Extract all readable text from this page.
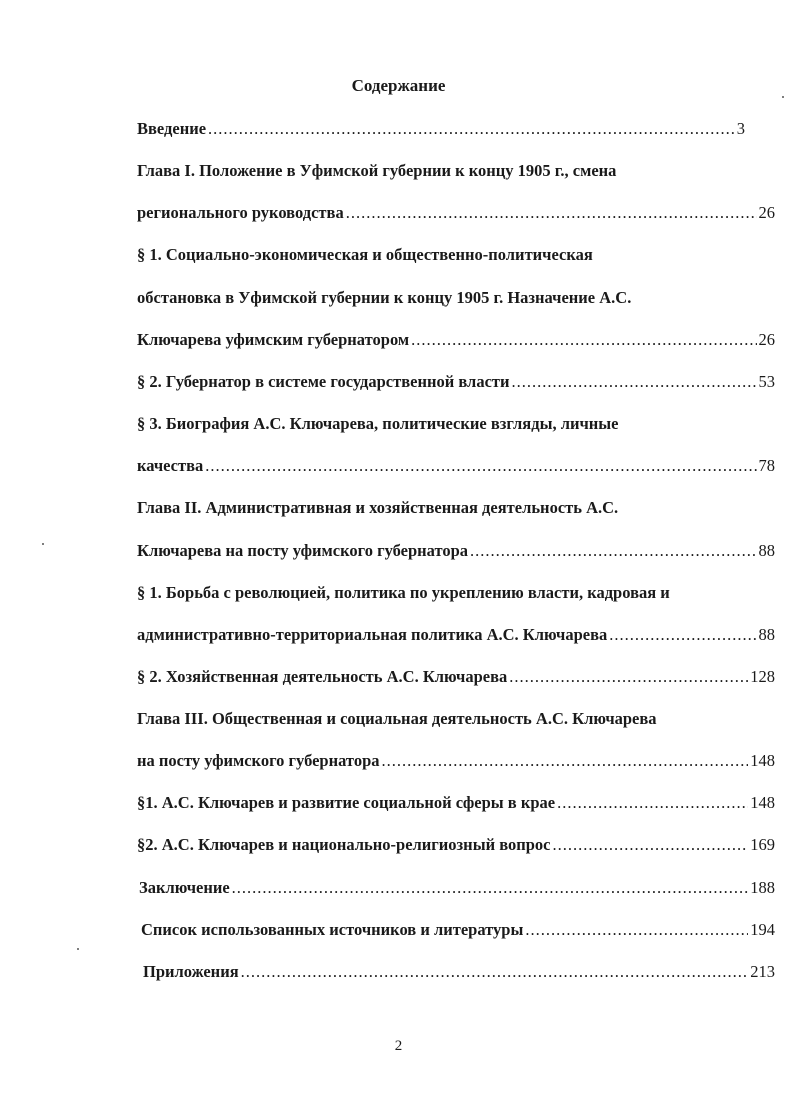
Содержание
Введение .....	3
Глава I. Положение в Уфимской губернии к концу 1905 г., смена
регионального руководства .....	26
§ 1. Социально-экономическая и общественно-политическая
обстановка в Уфимской губернии к концу 1905 г. Назначение А.С.
Ключарева уфимским губернатором .....	26
§ 2. Губернатор в системе государственной власти .....	53
§ 3. Биография А.С. Ключарева, политические взгляды, личные
качества .....	78
Глава II. Административная и хозяйственная деятельность А.С.
Ключарева на посту уфимского губернатора .....	88
§ 1. Борьба с революцией, политика по укреплению власти, кадровая и
административно-территориальная политика А.С. Ключарева .....	88
§ 2. Хозяйственная деятельность А.С. Ключарева .....	128
Глава III. Общественная и социальная деятельность А.С. Ключарева
на посту уфимского губернатора .....	148
§1. А.С. Ключарев и развитие социальной сферы в крае .....	148
§2. А.С. Ключарев и национально-религиозный вопрос .....	169
Заключение .....	188
Список использованных источников и литературы .....	194
Приложения .....	213
2
